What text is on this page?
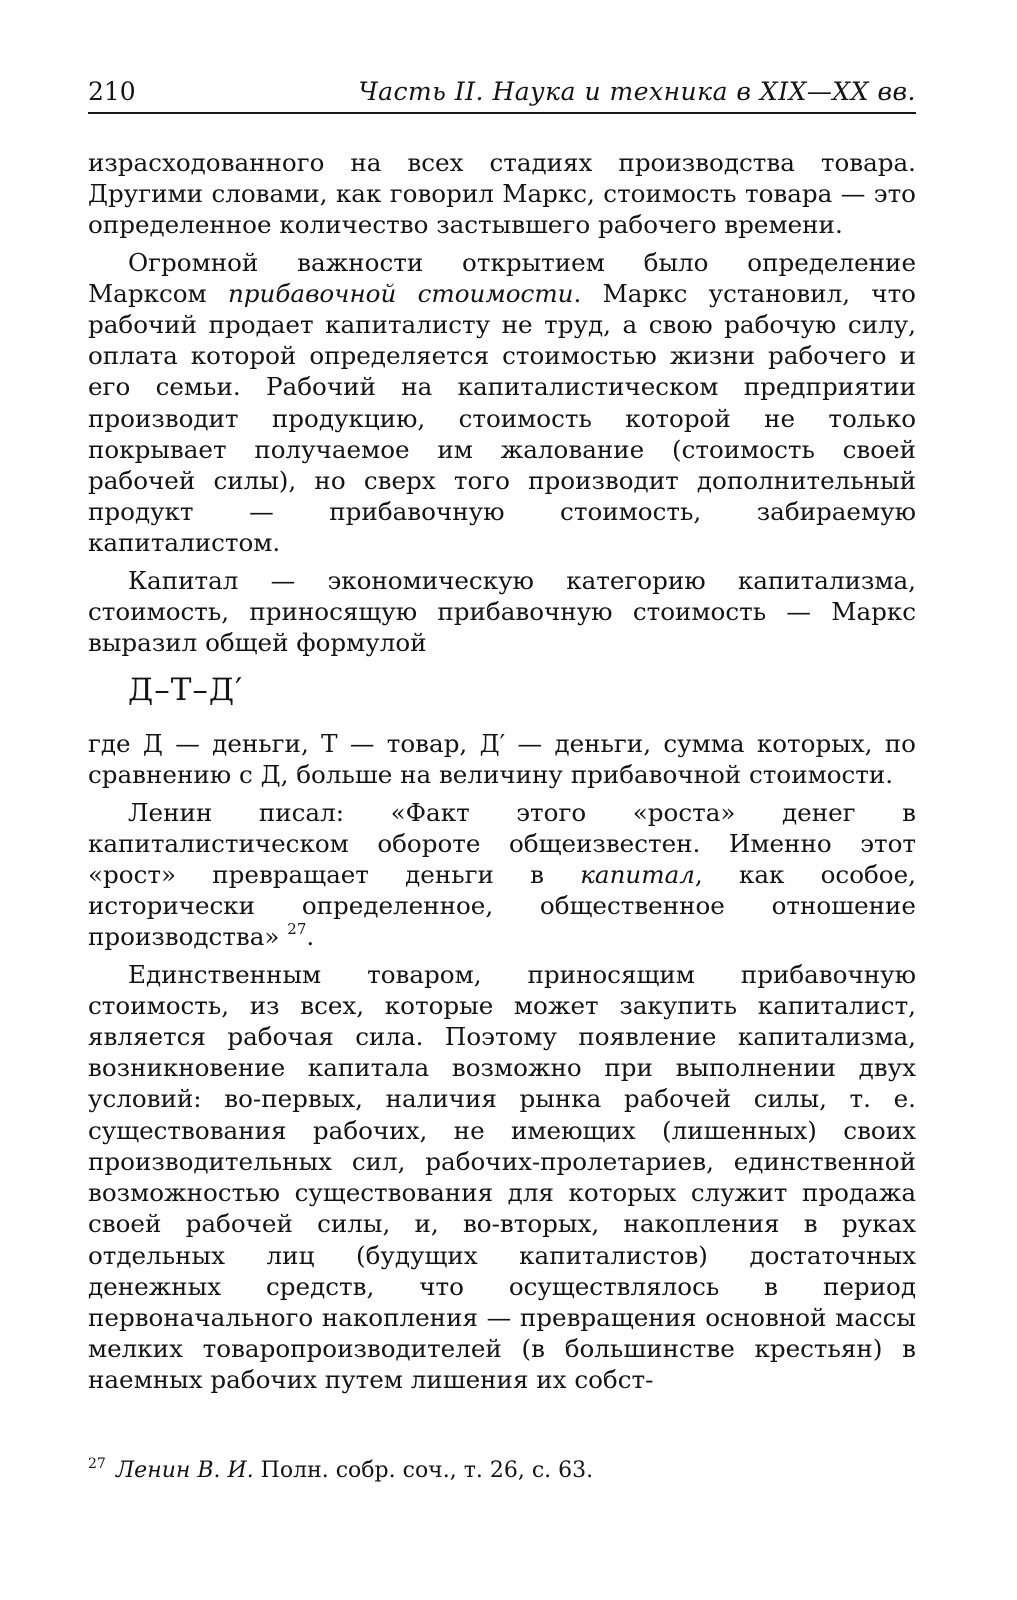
210	Часть II. Наука и техника в XIX—XX вв.

израсходованного на всех стадиях производства товара. Другими словами, как говорил Маркс, стоимость товара — это определенное количество застывшего рабочего времени.

Огромной важности открытием было определение Марксом прибавочной стоимости. Маркс установил, что рабочий продает капиталисту не труд, а свою рабочую силу, оплата которой определяется стоимостью жизни рабочего и его семьи. Рабочий на капиталистическом предприятии производит продукцию, стоимость которой не только покрывает получаемое им жалование (стоимость своей рабочей силы), но сверх того производит дополнительный продукт — прибавочную стоимость, забираемую капиталистом.

Капитал — экономическую категорию капитализма, стоимость, приносящую прибавочную стоимость — Маркс выразил общей формулой

Д–Т–Д′

где Д — деньги, Т — товар, Д′ — деньги, сумма которых, по сравнению с Д, больше на величину прибавочной стоимости.

Ленин писал: «Факт этого «роста» денег в капиталистическом обороте общеизвестен. Именно этот «рост» превращает деньги в капитал, как особое, исторически определенное, общественное отношение производства» $^{27}$.

Единственным товаром, приносящим прибавочную стоимость, из всех, которые может закупить капиталист, является рабочая сила. Поэтому появление капитализма, возникновение капитала возможно при выполнении двух условий: во-первых, наличия рынка рабочей силы, т. е. существования рабочих, не имеющих (лишенных) своих производительных сил, рабочих-пролетариев, единственной возможностью существования для которых служит продажа своей рабочей силы, и, во-вторых, накопления в руках отдельных лиц (будущих капиталистов) достаточных денежных средств, что осуществлялось в период первоначального накопления — превращения основной массы мелких товаропроизводителей (в большинстве крестьян) в наемных рабочих путем лишения их собст-

$^{27}$ Ленин В. И. Полн. собр. соч., т. 26, с. 63.
